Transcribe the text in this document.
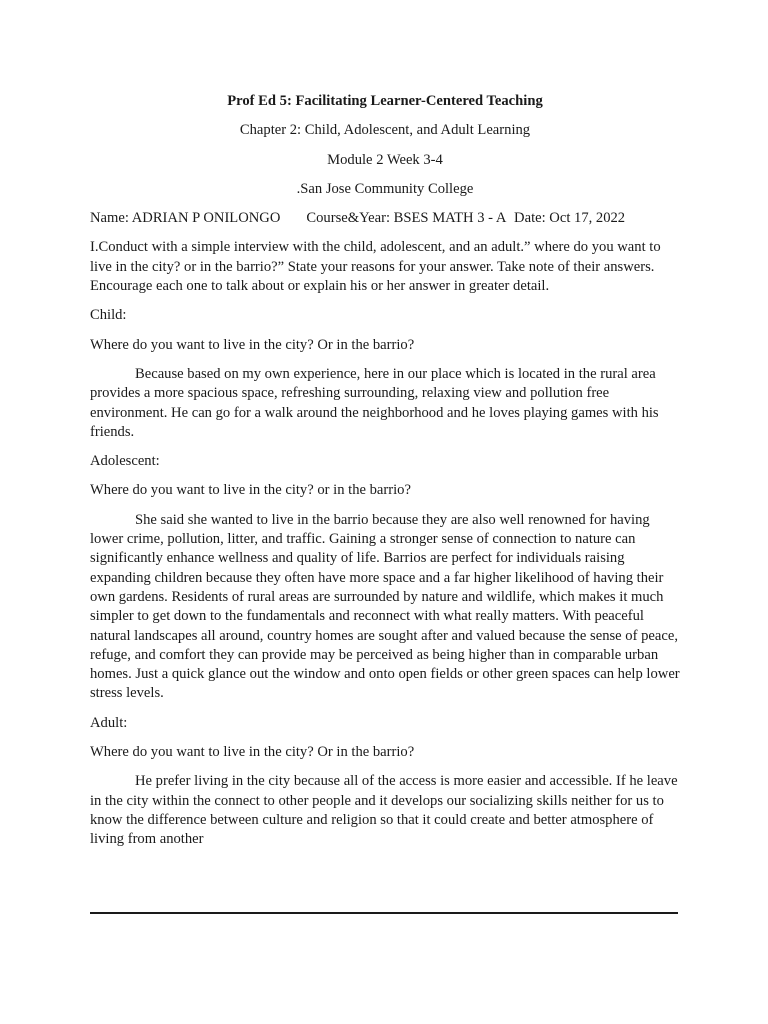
Prof Ed 5: Facilitating Learner-Centered Teaching
Chapter 2: Child, Adolescent, and Adult Learning
Module 2 Week 3-4
.San Jose Community College
Name: ADRIAN P ONILONGO Course&Year: BSES MATH 3 - A Date: Oct 17, 2022

I.Conduct with a simple interview with the child, adolescent, and an adult.” where do you want to live in the city? or in the barrio?” State your reasons for your answer. Take note of their answers. Encourage each one to talk about or explain his or her answer in greater detail.

Child:

Where do you want to live in the city? Or in the barrio?

Because based on my own experience, here in our place which is located in the rural area provides a more spacious space, refreshing surrounding, relaxing view and pollution free environment. He can go for a walk around the neighborhood and he loves playing games with his friends.

Adolescent:

Where do you want to live in the city? or in the barrio?

She said she wanted to live in the barrio because they are also well renowned for having lower crime, pollution, litter, and traffic. Gaining a stronger sense of connection to nature can significantly enhance wellness and quality of life. Barrios are perfect for individuals raising expanding children because they often have more space and a far higher likelihood of having their own gardens. Residents of rural areas are surrounded by nature and wildlife, which makes it much simpler to get down to the fundamentals and reconnect with what really matters. With peaceful natural landscapes all around, country homes are sought after and valued because the sense of peace, refuge, and comfort they can provide may be perceived as being higher than in comparable urban homes. Just a quick glance out the window and onto open fields or other green spaces can help lower stress levels.

Adult:

Where do you want to live in the city? Or in the barrio?

He prefer living in the city because all of the access is more easier and accessible. If he leave in the city within the connect to other people and it develops our socializing skills neither for us to know the difference between culture and religion so that it could create and better atmosphere of living from another
